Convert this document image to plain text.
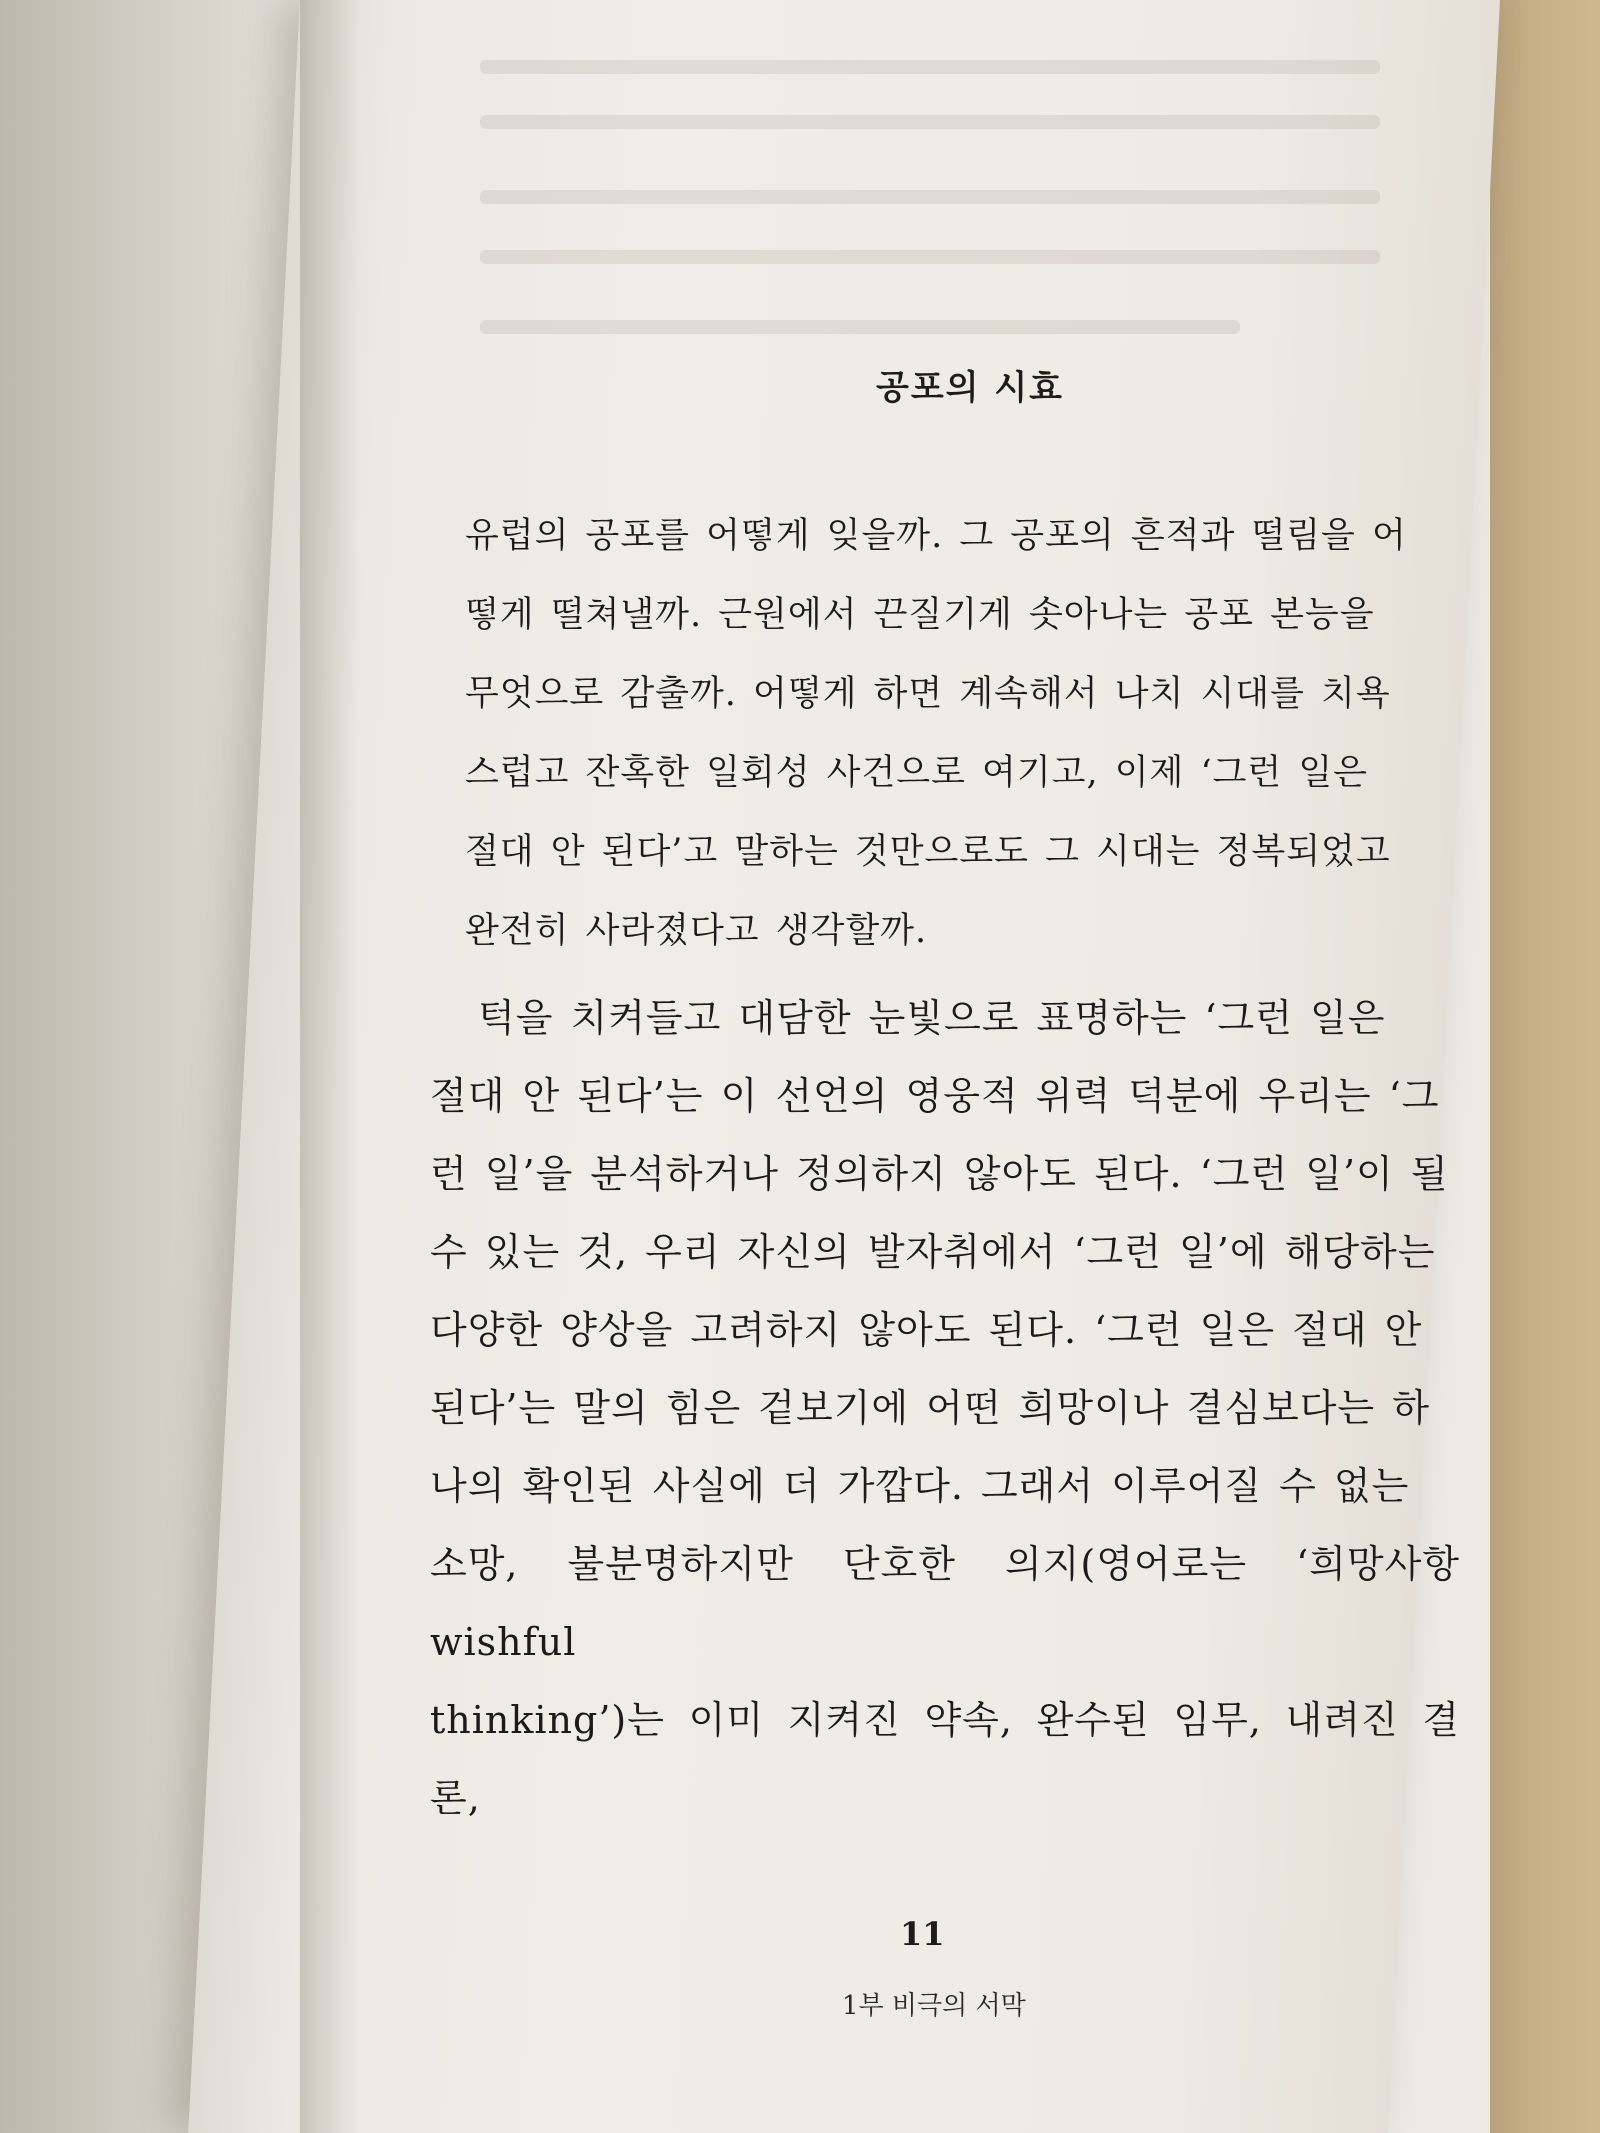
공포의 시효

유럽의 공포를 어떻게 잊을까. 그 공포의 흔적과 떨림을 어

떻게 떨쳐낼까. 근원에서 끈질기게 솟아나는 공포 본능을

무엇으로 감출까. 어떻게 하면 계속해서 나치 시대를 치욕

스럽고 잔혹한 일회성 사건으로 여기고, 이제 ‘그런 일은

절대 안 된다’고 말하는 것만으로도 그 시대는 정복되었고

완전히 사라졌다고 생각할까.

턱을 치켜들고 대담한 눈빛으로 표명하는 ‘그런 일은

절대 안 된다’는 이 선언의 영웅적 위력 덕분에 우리는 ‘그

런 일’을 분석하거나 정의하지 않아도 된다. ‘그런 일’이 될

수 있는 것, 우리 자신의 발자취에서 ‘그런 일’에 해당하는

다양한 양상을 고려하지 않아도 된다. ‘그런 일은 절대 안

된다’는 말의 힘은 겉보기에 어떤 희망이나 결심보다는 하

나의 확인된 사실에 더 가깝다. 그래서 이루어질 수 없는

소망, 불분명하지만 단호한 의지(영어로는 ‘희망사항wishful

thinking’)는 이미 지켜진 약속, 완수된 임무, 내려진 결론,

11
1부 비극의 서막
